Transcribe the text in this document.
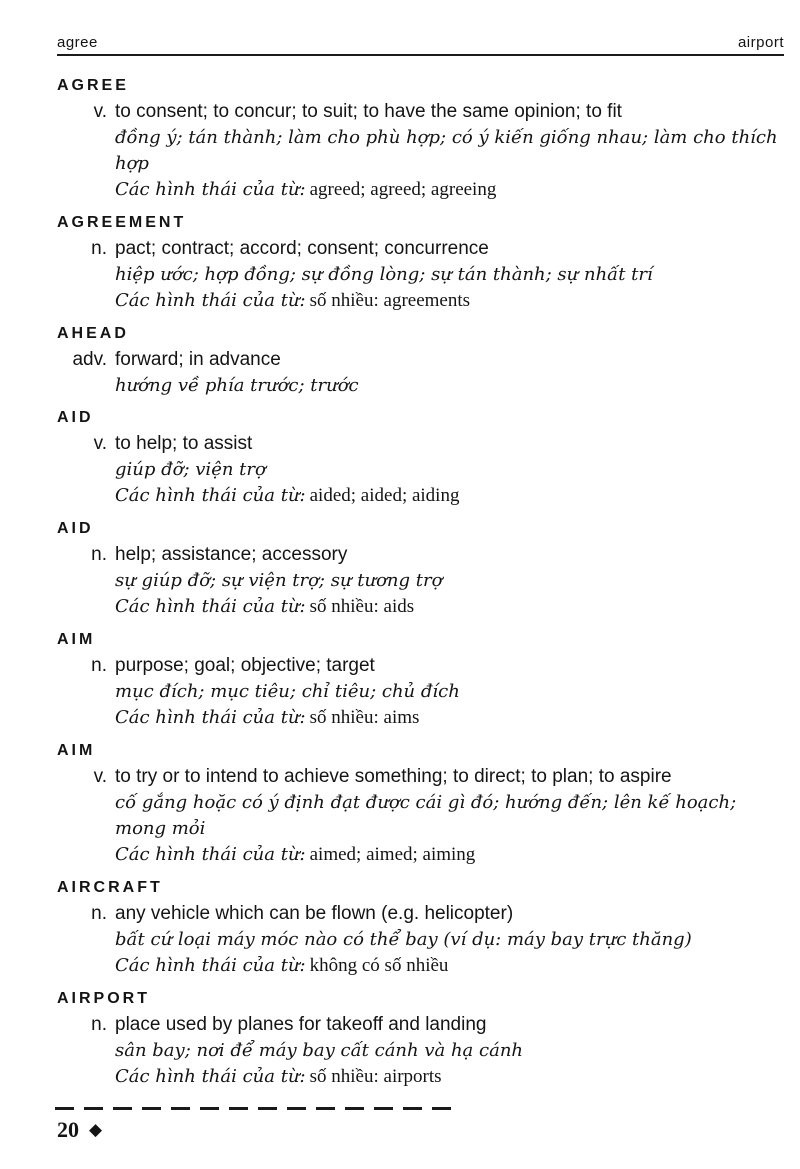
agree	airport
AGREE

v. to consent; to concur; to suit; to have the same opinion; to fit

đồng ý; tán thành; làm cho phù hợp; có ý kiến giống nhau; làm cho thích hợp

Các hình thái của từ: agreed; agreed; agreeing

AGREEMENT

n. pact; contract; accord; consent; concurrence

hiệp ước; hợp đồng; sự đồng lòng; sự tán thành; sự nhất trí

Các hình thái của từ: số nhiều: agreements

AHEAD

adv. forward; in advance

hướng về phía trước; trước

AID

v. to help; to assist

giúp đỡ; viện trợ

Các hình thái của từ: aided; aided; aiding

AID

n. help; assistance; accessory

sự giúp đỡ; sự viện trợ; sự tương trợ

Các hình thái của từ: số nhiều: aids

AIM

n. purpose; goal; objective; target

mục đích; mục tiêu; chỉ tiêu; chủ đích

Các hình thái của từ: số nhiều: aims

AIM

v. to try or to intend to achieve something; to direct; to plan; to aspire

cố gắng hoặc có ý định đạt được cái gì đó; hướng đến; lên kế hoạch; mong mỏi

Các hình thái của từ: aimed; aimed; aiming

AIRCRAFT

n. any vehicle which can be flown (e.g. helicopter)

bất cứ loại máy móc nào có thể bay (ví dụ: máy bay trực thăng)

Các hình thái của từ: không có số nhiều

AIRPORT

n. place used by planes for takeoff and landing

sân bay; nơi để máy bay cất cánh và hạ cánh

Các hình thái của từ: số nhiều: airports

20 ◆
